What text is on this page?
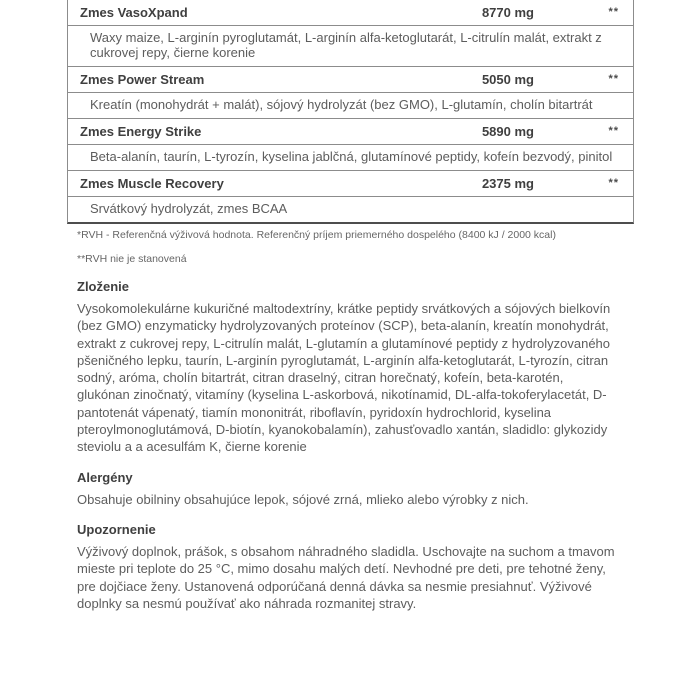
Zmes VasoXpand	8770 mg	**
Waxy maize, L-arginín pyroglutamát, L-arginín alfa-ketoglutarát, L-citrulín malát, extrakt z cukrovej repy, čierne korenie
Zmes Power Stream	5050 mg	**
Kreatín (monohydrát + malát), sójový hydrolyzát (bez GMO), L-glutamín, cholín bitartrát
Zmes Energy Strike	5890 mg	**
Beta-alanín, taurín, L-tyrozín, kyselina jablčná, glutamínové peptidy, kofeín bezvodý, pinitol
Zmes Muscle Recovery	2375 mg	**
Srvátkový hydrolyzát, zmes BCAA
*RVH - Referenčná výživová hodnota. Referenčný príjem priemerného dospelého (8400 kJ / 2000 kcal)
**RVH nie je stanovená
Zloženie
Vysokomolekulárne kukuričné maltodextríny, krátke peptidy srvátkových a sójových bielkovín (bez GMO) enzymaticky hydrolyzovaných proteínov (SCP), beta-alanín, kreatín monohydrát, extrakt z cukrovej repy, L-citrulín malát, L-glutamín a glutamínové peptidy z hydrolyzovaného pšeničného lepku, taurín, L-arginín pyroglutamát, L-arginín alfa-ketoglutarát, L-tyrozín, citran sodný, aróma, cholín bitartrát, citran draselný, citran horečnatý, kofeín, beta-karotén, glukónan zinočnatý, vitamíny (kyselina L-askorbová, nikotínamid, DL-alfa-tokoferylacetát, D-pantotenát vápenatý, tiamín mononitrát, riboflavín, pyridoxín hydrochlorid, kyselina pteroylmonoglutámová, D-biotín, kyanokobalamín), zahusťovadlo xantán, sladidlo: glykozidy steviolu a a acesulfám K, čierne korenie
Alergény
Obsahuje obilniny obsahujúce lepok, sójové zrná, mlieko alebo výrobky z nich.
Upozornenie
Výživový doplnok, prášok, s obsahom náhradného sladidla. Uschovajte na suchom a tmavom mieste pri teplote do 25 °C, mimo dosahu malých detí. Nevhodné pre deti, pre tehotné ženy, pre dojčiace ženy. Ustanovená odporúčaná denná dávka sa nesmie presiahnuť. Výživové doplnky sa nesmú používať ako náhrada rozmanitej stravy.
